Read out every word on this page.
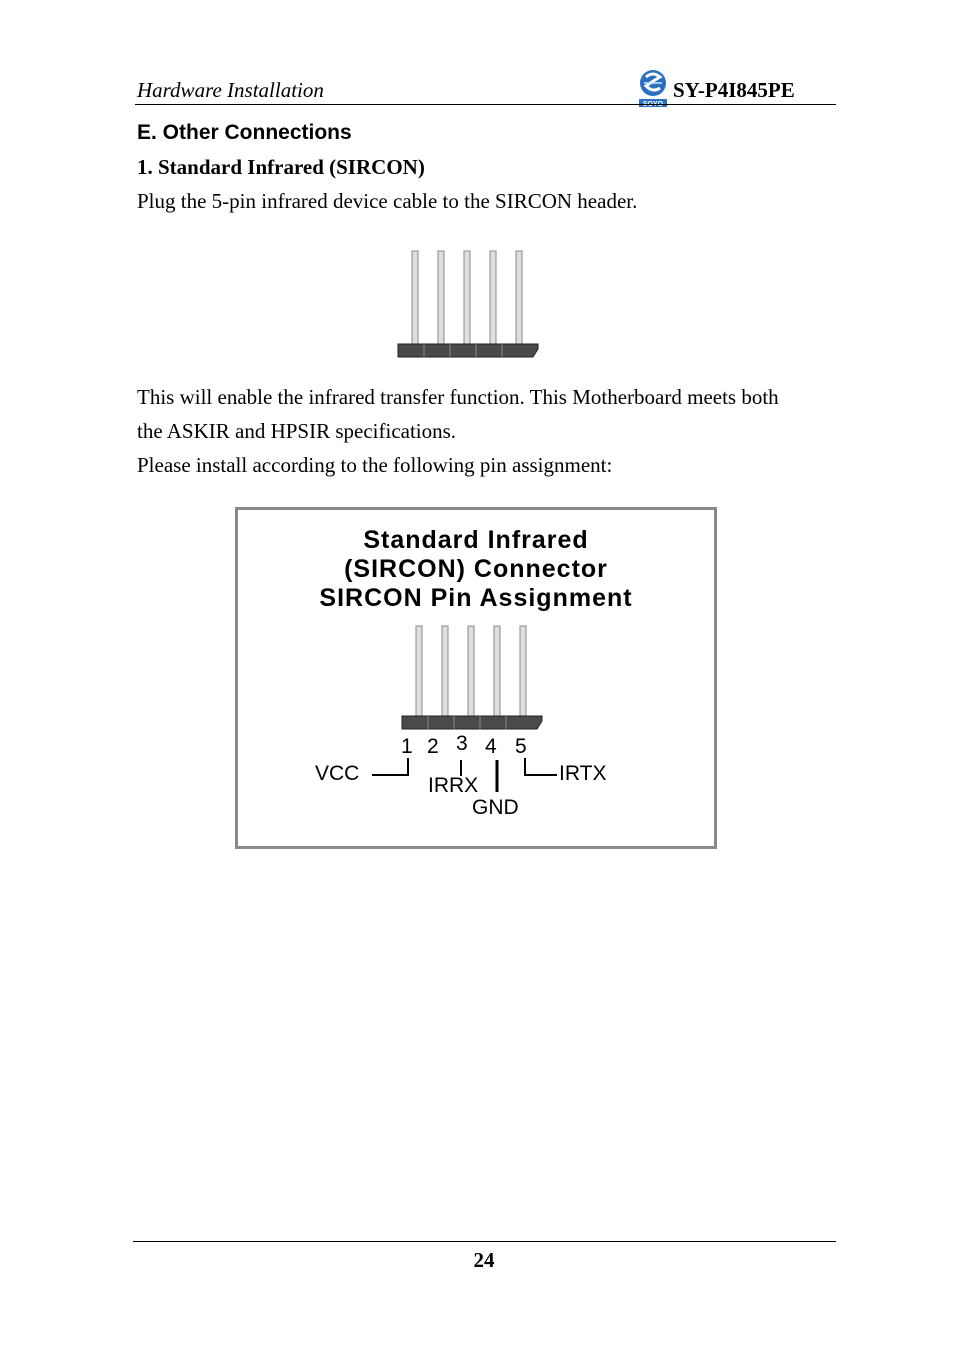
Hardware Installation	SY-P4I845PE
E. Other Connections
1. Standard Infrared (SIRCON)
Plug the 5-pin infrared device cable to the SIRCON header.
This will enable the infrared transfer function. This Motherboard meets both
the ASKIR and HPSIR specifications.
Please install according to the following pin assignment:
Standard Infrared
(SIRCON) Connector
SIRCON Pin Assignment
1 2 3 4 5
VCC
IRRX
GND
IRTX
24
